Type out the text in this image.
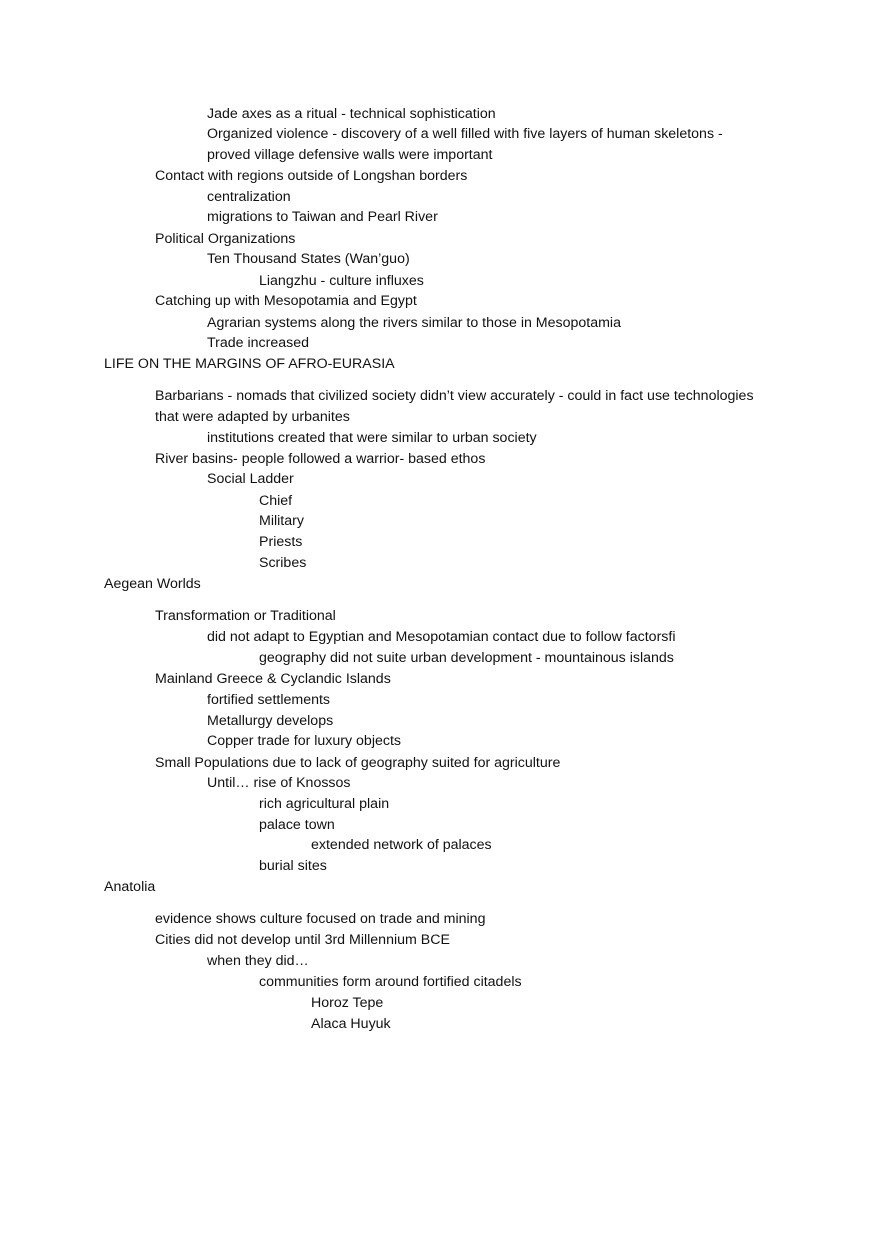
LIFE ON THE MARGINS OF AFRO-EURASIA
Aegean Worlds
Anatolia
Jade axes as a ritual - technical sophistication
Organized violence - discovery of a well filled with five layers of human skeletons -
proved village defensive walls were important
Contact with regions outside of Longshan borders
centralization
migrations to Taiwan and Pearl River
Political Organizations
Ten Thousand States (Wan’guo)
Liangzhu - culture influxes
Catching up with Mesopotamia and Egypt
Agrarian systems along the rivers similar to those in Mesopotamia
Trade increased
Barbarians - nomads that civilized society didn’t view accurately - could in fact use technologies
that were adapted by urbanites
institutions created that were similar to urban society
River basins- people followed a warrior- based ethos
Social Ladder
Chief
Military
Priests
Scribes
Transformation or Traditional
did not adapt to Egyptian and Mesopotamian contact due to follow factorsfi
geography did not suite urban development - mountainous islands
Mainland Greece & Cyclandic Islands
fortified settlements
Metallurgy develops
Copper trade for luxury objects
Small Populations due to lack of geography suited for agriculture
Until… rise of Knossos
rich agricultural plain
palace town
extended network of palaces
burial sites
evidence shows culture focused on trade and mining
Cities did not develop until 3rd Millennium BCE
when they did…
communities form around fortified citadels
Horoz Tepe
Alaca Huyuk
